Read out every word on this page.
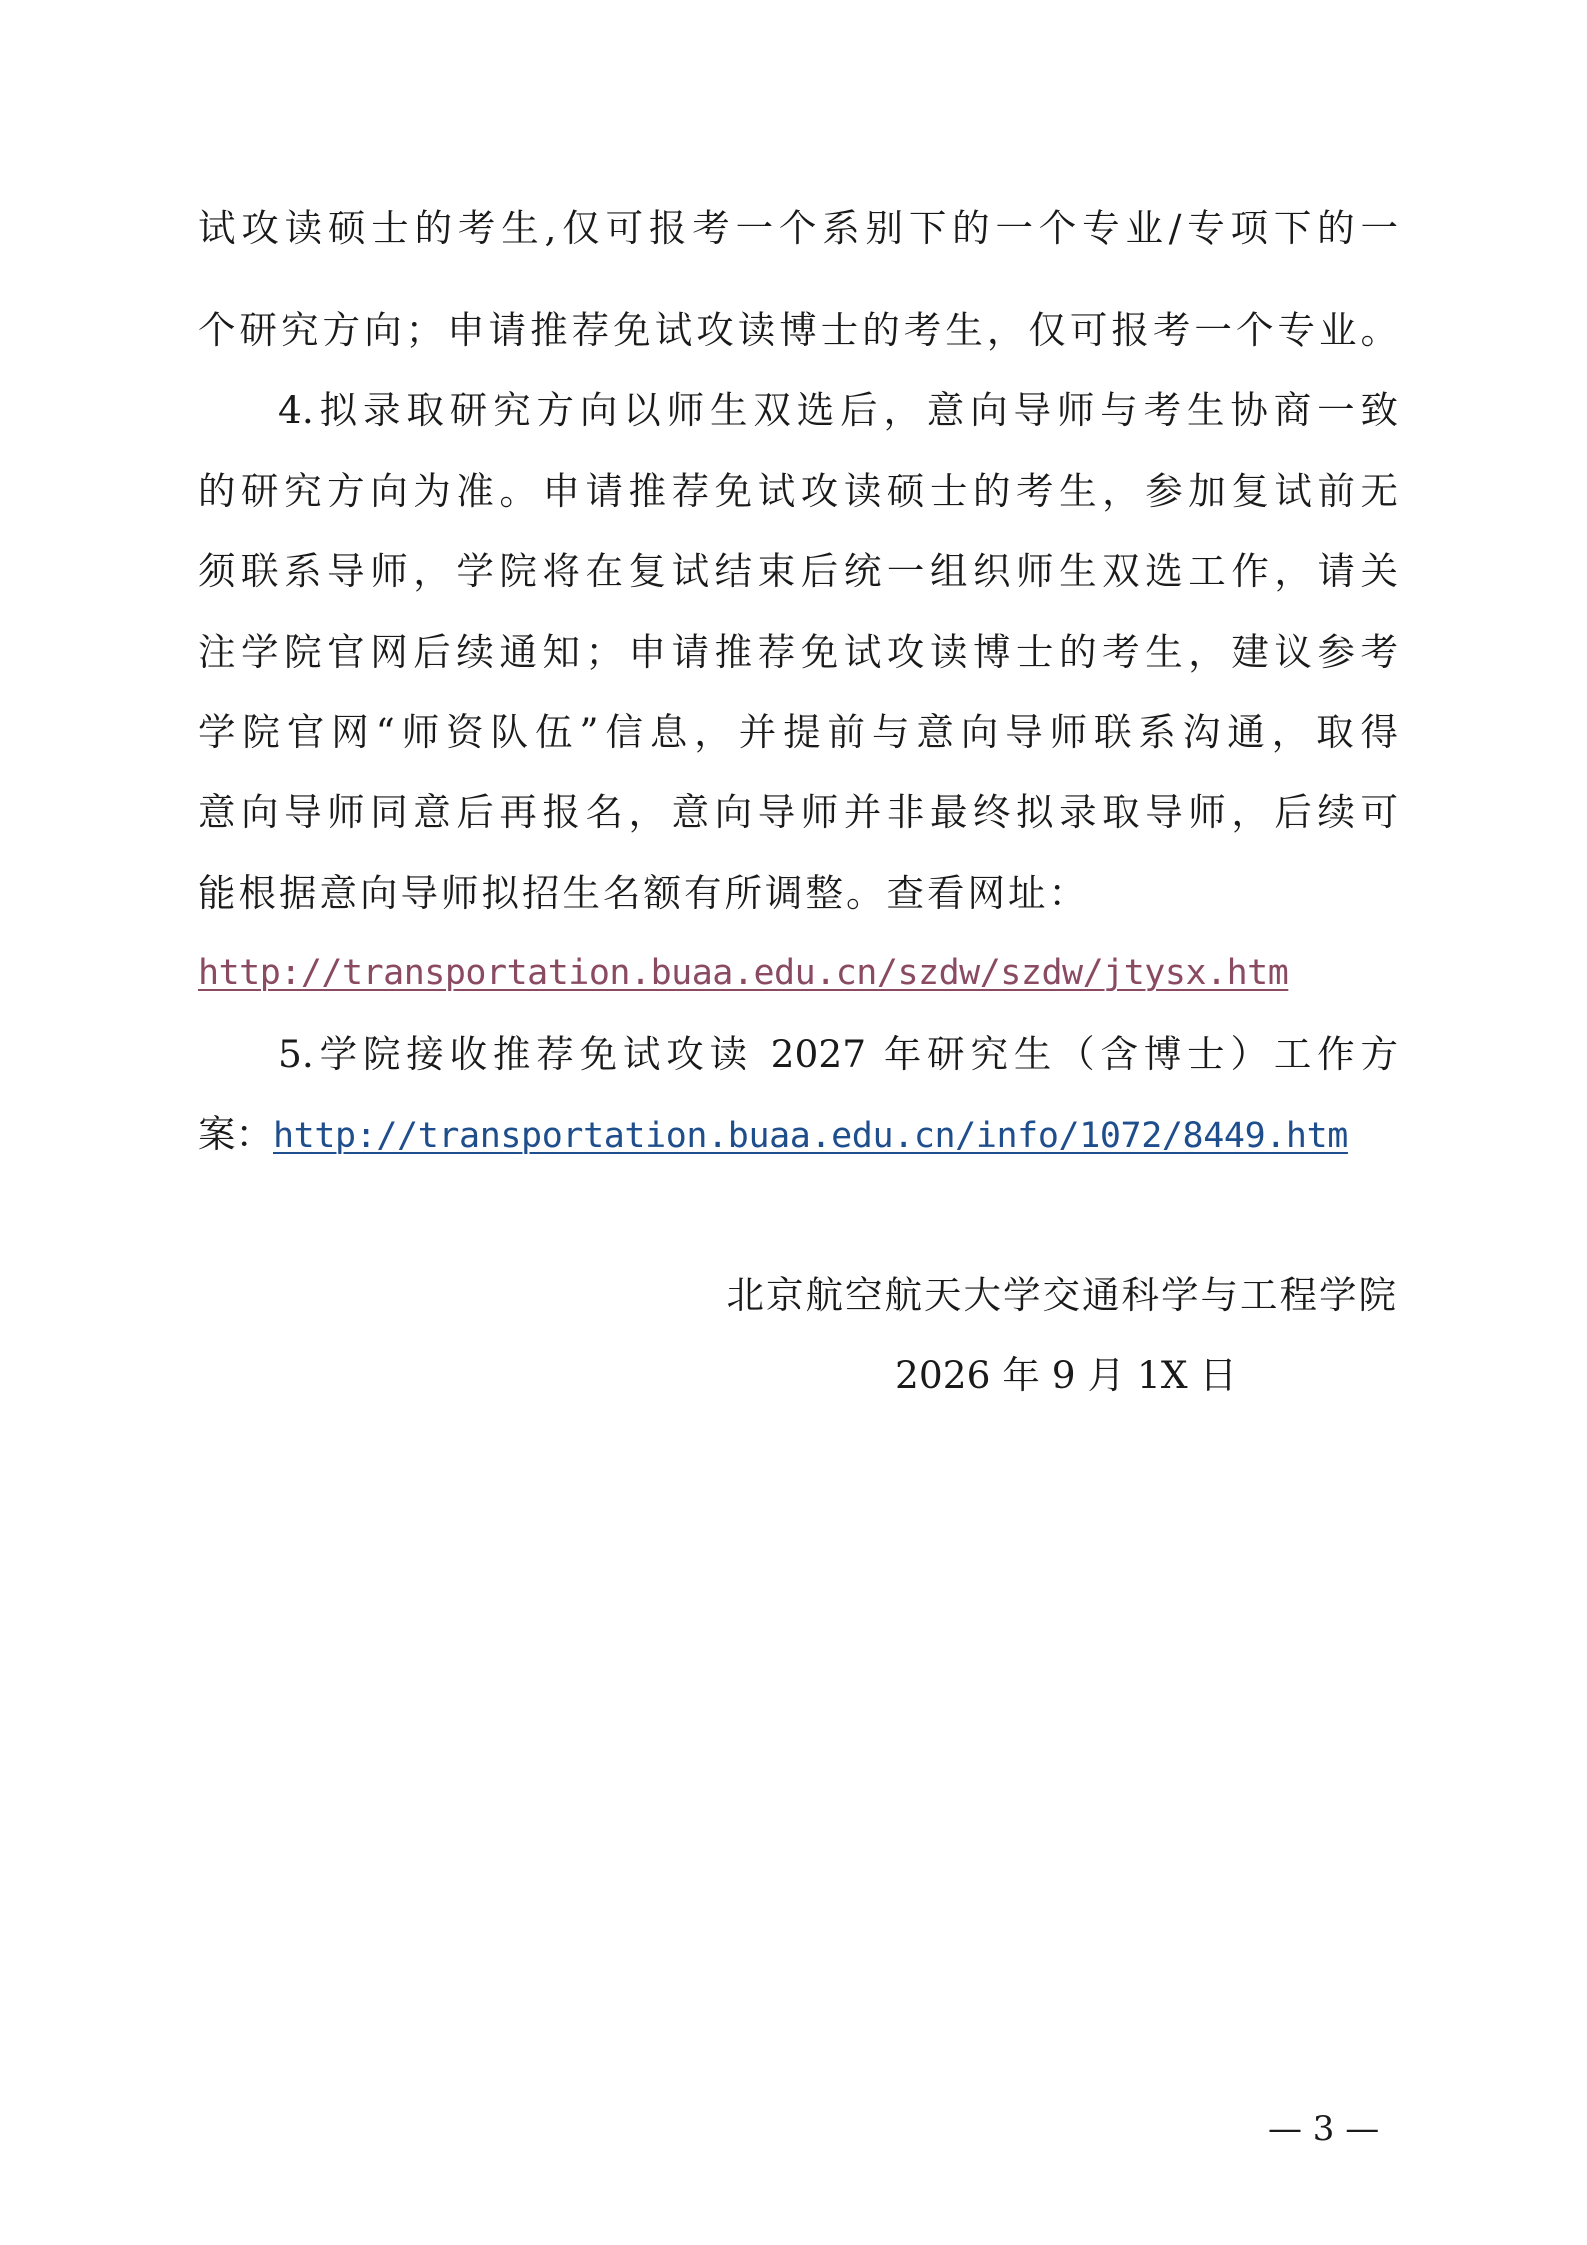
试攻读硕士的考生,仅可报考一个系别下的一个专业/专项下的一
个研究方向；申请推荐免试攻读博士的考生，仅可报考一个专业。
4.拟录取研究方向以师生双选后，意向导师与考生协商一致
的研究方向为准。申请推荐免试攻读硕士的考生，参加复试前无
须联系导师，学院将在复试结束后统一组织师生双选工作，请关
注学院官网后续通知；申请推荐免试攻读博士的考生，建议参考
学院官网“师资队伍”信息，并提前与意向导师联系沟通，取得
意向导师同意后再报名，意向导师并非最终拟录取导师，后续可
能根据意向导师拟招生名额有所调整。查看网址：
http://transportation.buaa.edu.cn/szdw/szdw/jtysx.htm
5.学院接收推荐免试攻读 2027 年研究生（含博士）工作方
案：http://transportation.buaa.edu.cn/info/1072/8449.htm
北京航空航天大学交通科学与工程学院
2026 年 9 月 1X 日
— 3 —
